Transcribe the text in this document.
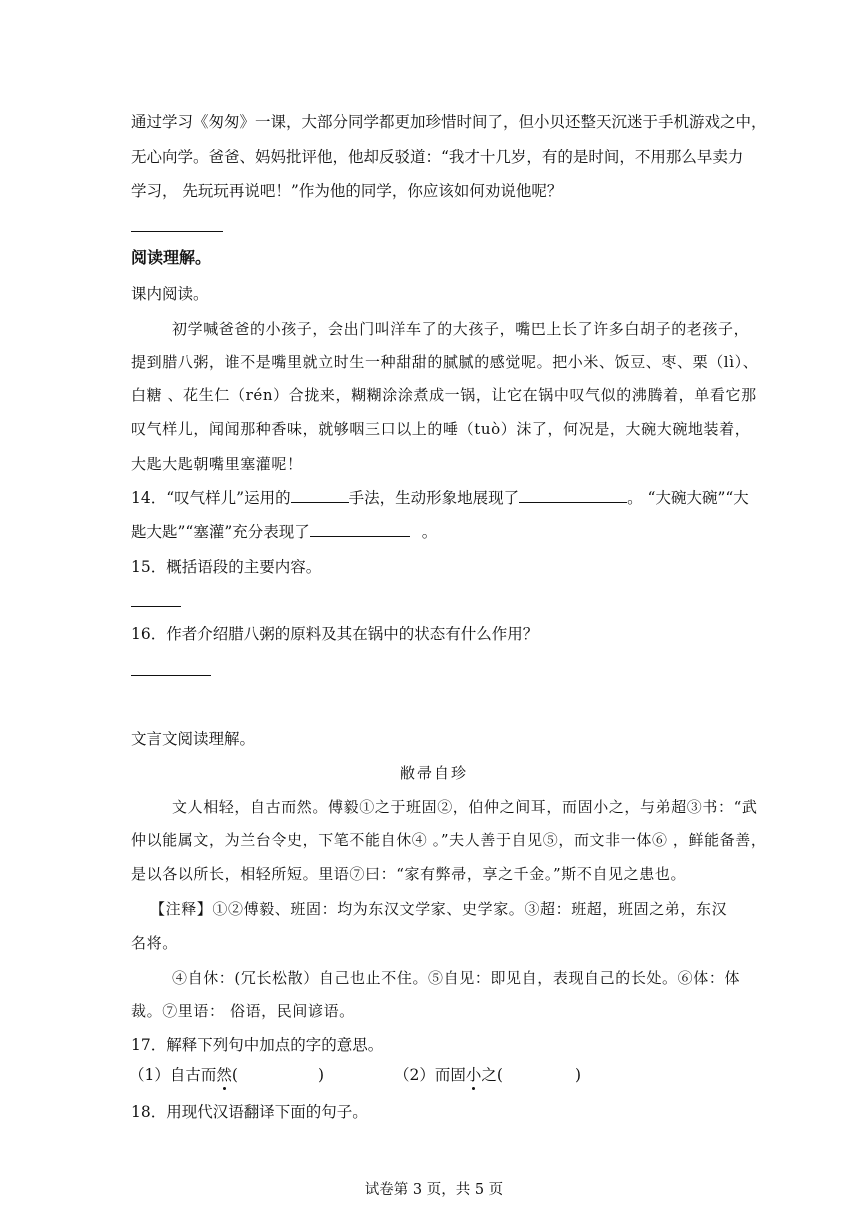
通过学习《匆匆》一课，大部分同学都更加珍惜时间了，但小贝还整天沉迷于手机游戏之中，
无心向学。爸爸、妈妈批评他，他却反驳道：“我才十几岁，有的是时间，不用那么早卖力
学习， 先玩玩再说吧！”作为他的同学，你应该如何劝说他呢？
阅读理解。
课内阅读。
初学喊爸爸的小孩子，会出门叫洋车了的大孩子，嘴巴上长了许多白胡子的老孩子，
提到腊八粥，谁不是嘴里就立时生一种甜甜的腻腻的感觉呢。把小米、饭豆、枣、栗（lì）、
白糖 、花生仁（rén）合拢来，糊糊涂涂煮成一锅，让它在锅中叹气似的沸腾着，单看它那
叹气样儿，闻闻那种香味，就够咽三口以上的唾（tuò）沫了，何况是，大碗大碗地装着，
大匙大匙朝嘴里塞灌呢！
14．“叹气样儿”运用的	手法，生动形象地展现了	。 “大碗大碗”“大
匙大匙”“塞灌”充分表现了	。
15．概括语段的主要内容。
16．作者介绍腊八粥的原料及其在锅中的状态有什么作用？
文言文阅读理解。
敝帚自珍
文人相轻，自古而然。傅毅①之于班固②，伯仲之间耳，而固小之，与弟超③书：“武
仲以能属文，为兰台令史，下笔不能自休④ 。”夫人善于自见⑤，而文非一体⑥ ，鲜能备善，
是以各以所长，相轻所短。里语⑦曰：“家有弊帚，享之千金。”斯不自见之患也。
【注释】①②傅毅、班固：均为东汉文学家、史学家。③超：班超，班固之弟，东汉
名将。
④自休：(冗长松散）自己也止不住。⑤自见：即见自，表现自己的长处。⑥体：体
裁。⑦里语： 俗语，民间谚语。
17．解释下列句中加点的字的意思。
（1）自古而然(	)	（2）而固小之(	)
18．用现代汉语翻译下面的句子。
试卷第 3 页，共 5 页
